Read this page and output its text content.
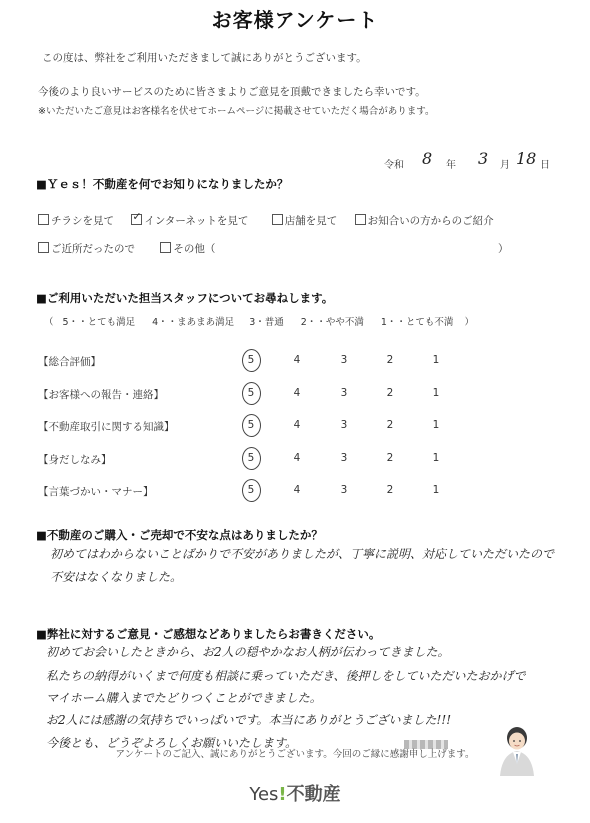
お客様アンケート
この度は、弊社をご利用いただきまして誠にありがとうございます。
今後のより良いサービスのために皆さまよりご意見を頂戴できましたら幸いです。
※いただいたご意見はお客様名を伏せてホームページに掲載させていただく場合があります。
令和 8 年 3 月 18 日
■Ｙｅｓ！不動産を何でお知りになりましたか？
チラシを見て ✓	インターネットを見て	店舗を見て	お知合いの方からのご紹介
ご近所だったので	その他（	）
■ご利用いただいた担当スタッフについてお尋ねします。
（ 5・・とても満足 4・・まあまあ満足 3・普通 2・・やや不満 1・・とても不満 ）
【総合評価】	5	4	3	2	1
【お客様への報告・連絡】	5	4	3	2	1
【不動産取引に関する知識】	5	4	3	2	1
【身だしなみ】	5	4	3	2	1
【言葉づかい・マナー】	5	4	3	2	1
■不動産のご購入・ご売却で不安な点はありましたか？
初めてはわからないことばかりで不安がありましたが、丁寧に説明、対応していただいたので
不安はなくなりました。
■弊社に対するご意見・ご感想などありましたらお書きください。
初めてお会いしたときから、お2人の穏やかなお人柄が伝わってきました。
私たちの納得がいくまで何度も相談に乗っていただき、後押しをしていただいたおかげで
マイホーム購入までたどりつくことができました。
お2人には感謝の気持ちでいっぱいです。本当にありがとうございました!!!
今後とも、どうぞよろしくお願いいたします。
アンケートのご記入、誠にありがとうございます。今回のご縁に感謝申し上げます。
Yes!不動産
